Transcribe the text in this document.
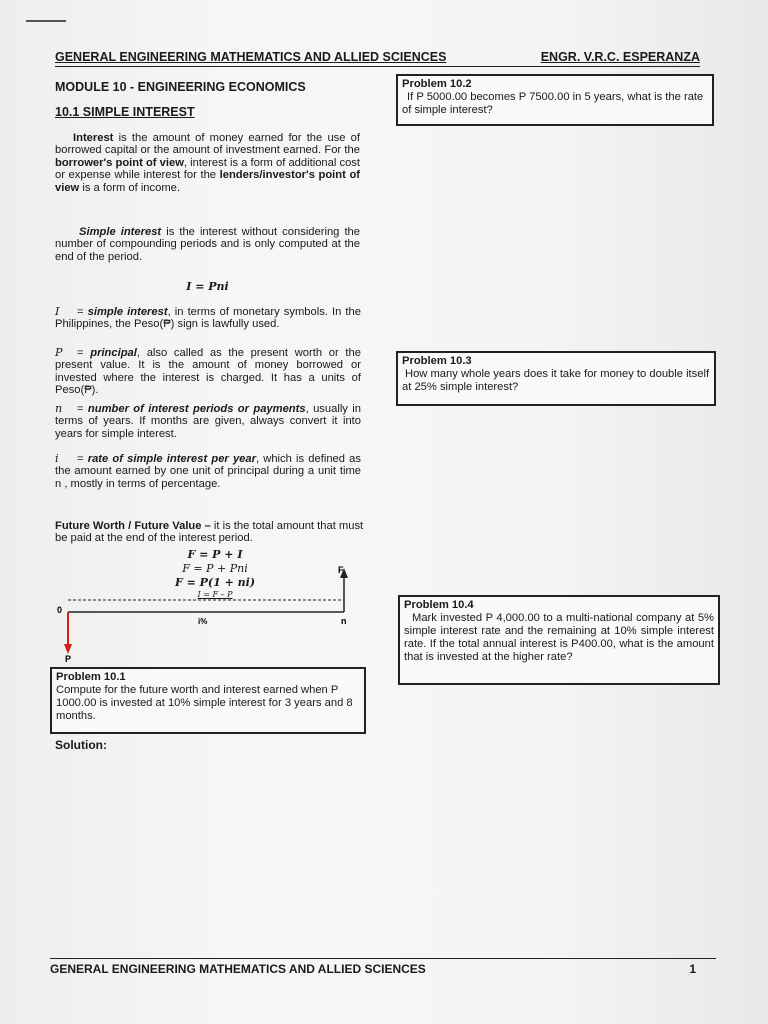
GENERAL ENGINEERING MATHEMATICS AND ALLIED SCIENCES	ENGR. V.R.C. ESPERANZA
MODULE 10 - ENGINEERING ECONOMICS
10.1 SIMPLE INTEREST
Interest is the amount of money earned for the use of borrowed capital or the amount of investment earned. For the borrower's point of view, interest is a form of additional cost or expense while interest for the lenders/investor's point of view is a form of income.
Simple interest is the interest without considering the number of compounding periods and is only computed at the end of the period.
I = Pni
I = simple interest, in terms of monetary symbols. In the Philippines, the Peso(₱) sign is lawfully used.
P = principal, also called as the present worth or the present value. It is the amount of money borrowed or invested where the interest is charged. It has a units of Peso(₱).
n = number of interest periods or payments, usually in terms of years. If months are given, always convert it into years for simple interest.
i = rate of simple interest per year, which is defined as the amount earned by one unit of principal during a unit time n , mostly in terms of percentage.
Future Worth / Future Value – it is the total amount that must be paid at the end of the interest period.
F = P + I
F = P + Pni
F = P(1 + ni)
I = F – P
0
n
i%
F
P
Problem 10.1
Compute for the future worth and interest earned when P 1000.00 is invested at 10% simple interest for 3 years and 8 months.
Problem 10.2
If P 5000.00 becomes P 7500.00 in 5 years, what is the rate of simple interest?
Problem 10.3
How many whole years does it take for money to double itself at 25% simple interest?
Problem 10.4
Mark invested P 4,000.00 to a multi-national company at 5% simple interest rate and the remaining at 10% simple interest rate. If the total annual interest is P400.00, what is the amount that is invested at the higher rate?
Solution:
GENERAL ENGINEERING MATHEMATICS AND ALLIED SCIENCES	1
